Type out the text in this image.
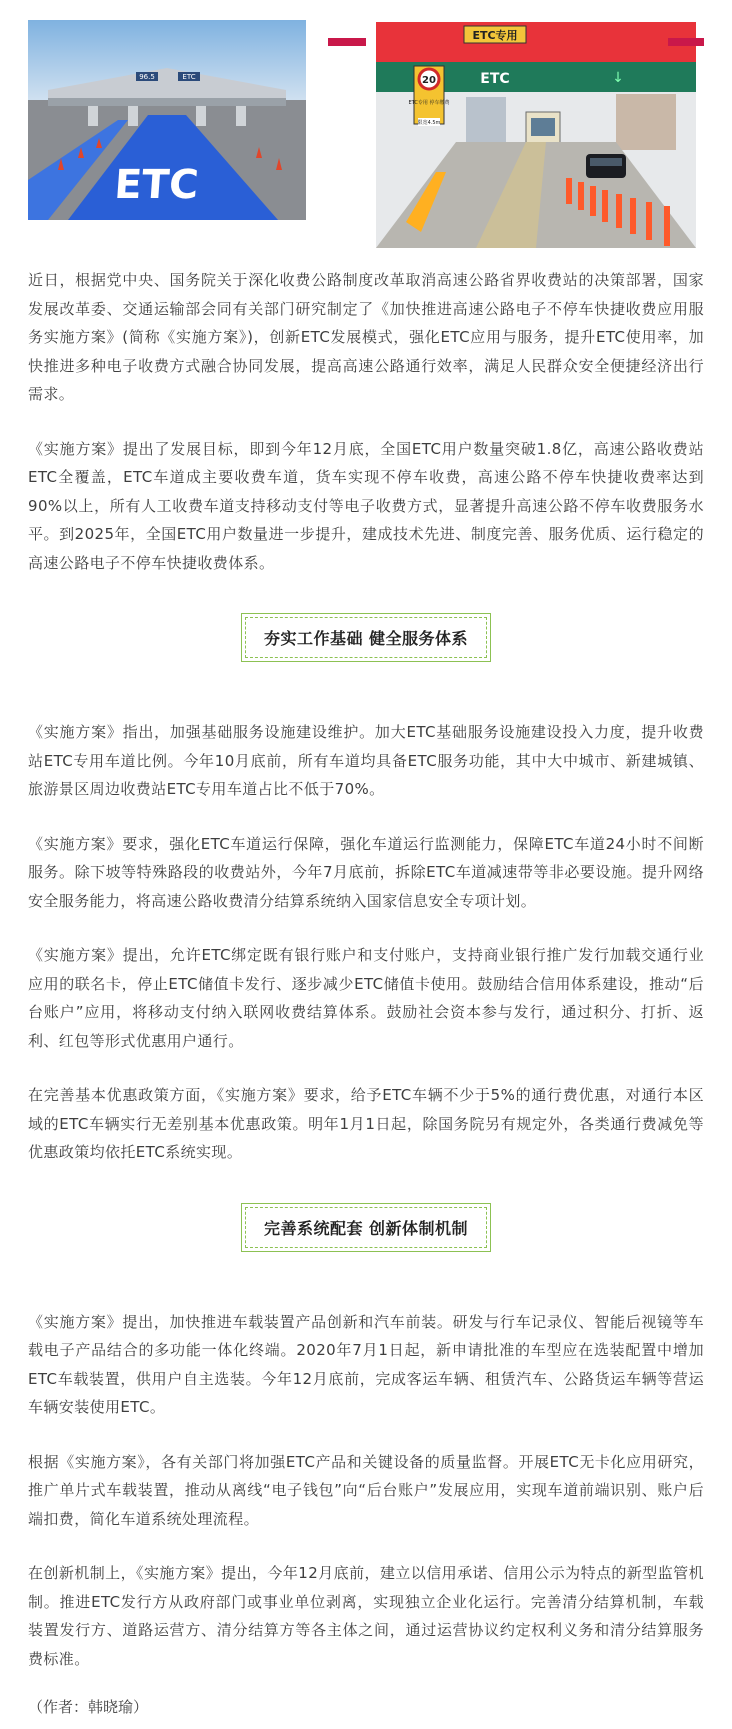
96.5	ETC
ETC
ETC专用
ETC	↓
20
ETC专用 停车缴费
限宽4.5m

近日，根据党中央、国务院关于深化收费公路制度改革取消高速公路省界收费站的决策部署，国家发展改革委、交通运输部会同有关部门研究制定了《加快推进高速公路电子不停车快捷收费应用服务实施方案》(简称《实施方案》)，创新ETC发展模式，强化ETC应用与服务，提升ETC使用率，加快推进多种电子收费方式融合协同发展，提高高速公路通行效率，满足人民群众安全便捷经济出行需求。

《实施方案》提出了发展目标，即到今年12月底，全国ETC用户数量突破1.8亿，高速公路收费站ETC全覆盖，ETC车道成主要收费车道，货车实现不停车收费，高速公路不停车快捷收费率达到90%以上，所有人工收费车道支持移动支付等电子收费方式，显著提升高速公路不停车收费服务水平。到2025年，全国ETC用户数量进一步提升，建成技术先进、制度完善、服务优质、运行稳定的高速公路电子不停车快捷收费体系。

夯实工作基础 健全服务体系

《实施方案》指出，加强基础服务设施建设维护。加大ETC基础服务设施建设投入力度，提升收费站ETC专用车道比例。今年10月底前，所有车道均具备ETC服务功能，其中大中城市、新建城镇、旅游景区周边收费站ETC专用车道占比不低于70%。

《实施方案》要求，强化ETC车道运行保障，强化车道运行监测能力，保障ETC车道24小时不间断服务。除下坡等特殊路段的收费站外，今年7月底前，拆除ETC车道减速带等非必要设施。提升网络安全服务能力，将高速公路收费清分结算系统纳入国家信息安全专项计划。

《实施方案》提出，允许ETC绑定既有银行账户和支付账户，支持商业银行推广发行加载交通行业应用的联名卡，停止ETC储值卡发行、逐步减少ETC储值卡使用。鼓励结合信用体系建设，推动“后台账户”应用，将移动支付纳入联网收费结算体系。鼓励社会资本参与发行，通过积分、打折、返利、红包等形式优惠用户通行。

在完善基本优惠政策方面，《实施方案》要求，给予ETC车辆不少于5%的通行费优惠，对通行本区域的ETC车辆实行无差别基本优惠政策。明年1月1日起，除国务院另有规定外，各类通行费减免等优惠政策均依托ETC系统实现。

完善系统配套 创新体制机制

《实施方案》提出，加快推进车载装置产品创新和汽车前装。研发与行车记录仪、智能后视镜等车载电子产品结合的多功能一体化终端。2020年7月1日起，新申请批准的车型应在选装配置中增加ETC车载装置，供用户自主选装。今年12月底前，完成客运车辆、租赁汽车、公路货运车辆等营运车辆安装使用ETC。

根据《实施方案》，各有关部门将加强ETC产品和关键设备的质量监督。开展ETC无卡化应用研究，推广单片式车载装置，推动从离线“电子钱包”向“后台账户”发展应用，实现车道前端识别、账户后端扣费，简化车道系统处理流程。

在创新机制上，《实施方案》提出，今年12月底前，建立以信用承诺、信用公示为特点的新型监管机制。推进ETC发行方从政府部门或事业单位剥离，实现独立企业化运行。完善清分结算机制，车载装置发行方、道路运营方、清分结算方等各主体之间，通过运营协议约定权利义务和清分结算服务费标准。

（作者：韩晓瑜）
